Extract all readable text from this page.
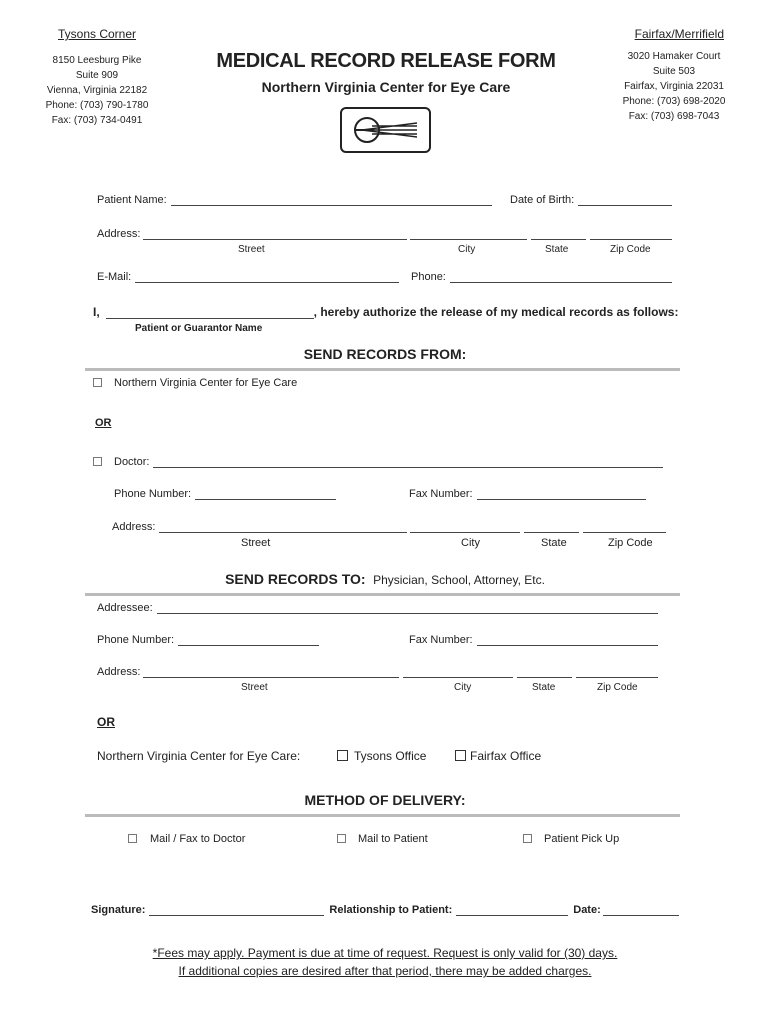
Tysons Corner
8150 Leesburg Pike
Suite 909
Vienna, Virginia 22182
Phone: (703) 790-1780
Fax: (703) 734-0491
Fairfax/Merrifield
3020 Hamaker Court
Suite 503
Fairfax, Virginia 22031
Phone: (703) 698-2020
Fax: (703) 698-7043
MEDICAL RECORD RELEASE FORM
Northern Virginia Center for Eye Care
Patient Name:	Date of Birth:
Address:
Street	City	State	Zip Code
E-Mail:	Phone:
I,	, hereby authorize the release of my medical records as follows:
Patient or Guarantor Name
SEND RECORDS FROM:
Northern Virginia Center for Eye Care
OR
Doctor:
Phone Number:	Fax Number:
Address:
Street	City	State	Zip Code
SEND RECORDS TO: Physician, School, Attorney, Etc.
Addressee:
Phone Number:	Fax Number:
Address:
Street	City	State	Zip Code
OR
Northern Virginia Center for Eye Care:	Tysons Office	Fairfax Office
METHOD OF DELIVERY:
Mail / Fax to Doctor	Mail to Patient	Patient Pick Up
Signature:	Relationship to Patient:	Date:
*Fees may apply. Payment is due at time of request. Request is only valid for (30) days.
If additional copies are desired after that period, there may be added charges.
